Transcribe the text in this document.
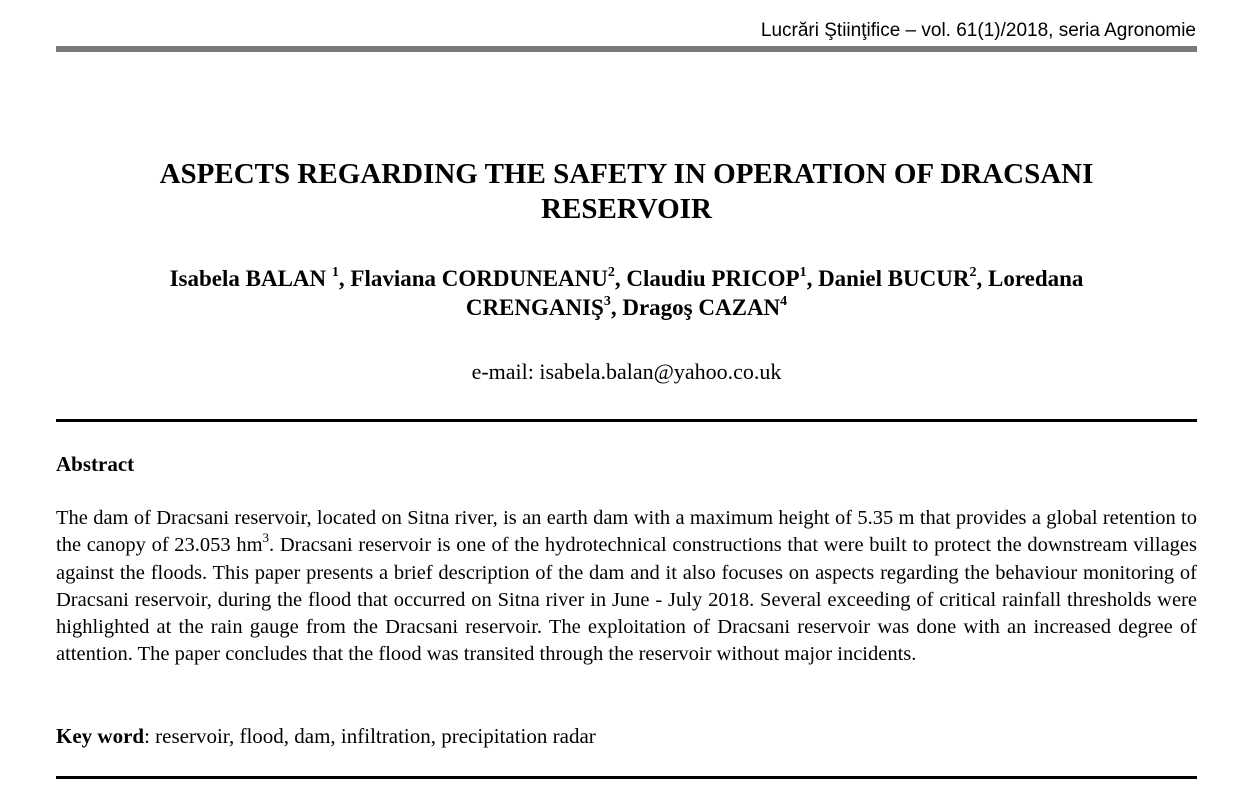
Lucrări Ştiinţifice – vol. 61(1)/2018, seria Agronomie
ASPECTS REGARDING THE SAFETY IN OPERATION OF DRACSANI
RESERVOIR

Isabela BALAN $^1$, Flaviana CORDUNEANU$^2$, Claudiu PRICOP$^1$, Daniel BUCUR$^2$, Loredana
CRENGANIŞ$^3$, Dragoş CAZAN$^4$

e-mail: isabela.balan@yahoo.co.uk
Abstract

The dam of Dracsani reservoir, located on Sitna river, is an earth dam with a maximum height of 5.35 m that provides a global retention to the canopy of 23.053 $hm^3$. Dracsani reservoir is one of the hydrotechnical constructions that were built to protect the downstream villages against the floods. This paper presents a brief description of the dam and it also focuses on aspects regarding the behaviour monitoring of Dracsani reservoir, during the flood that occurred on Sitna river in June - July 2018. Several exceeding of critical rainfall thresholds were highlighted at the rain gauge from the Dracsani reservoir. The exploitation of Dracsani reservoir was done with an increased degree of attention. The paper concludes that the flood was transited through the reservoir without major incidents.

Key word: reservoir, flood, dam, infiltration, precipitation radar
